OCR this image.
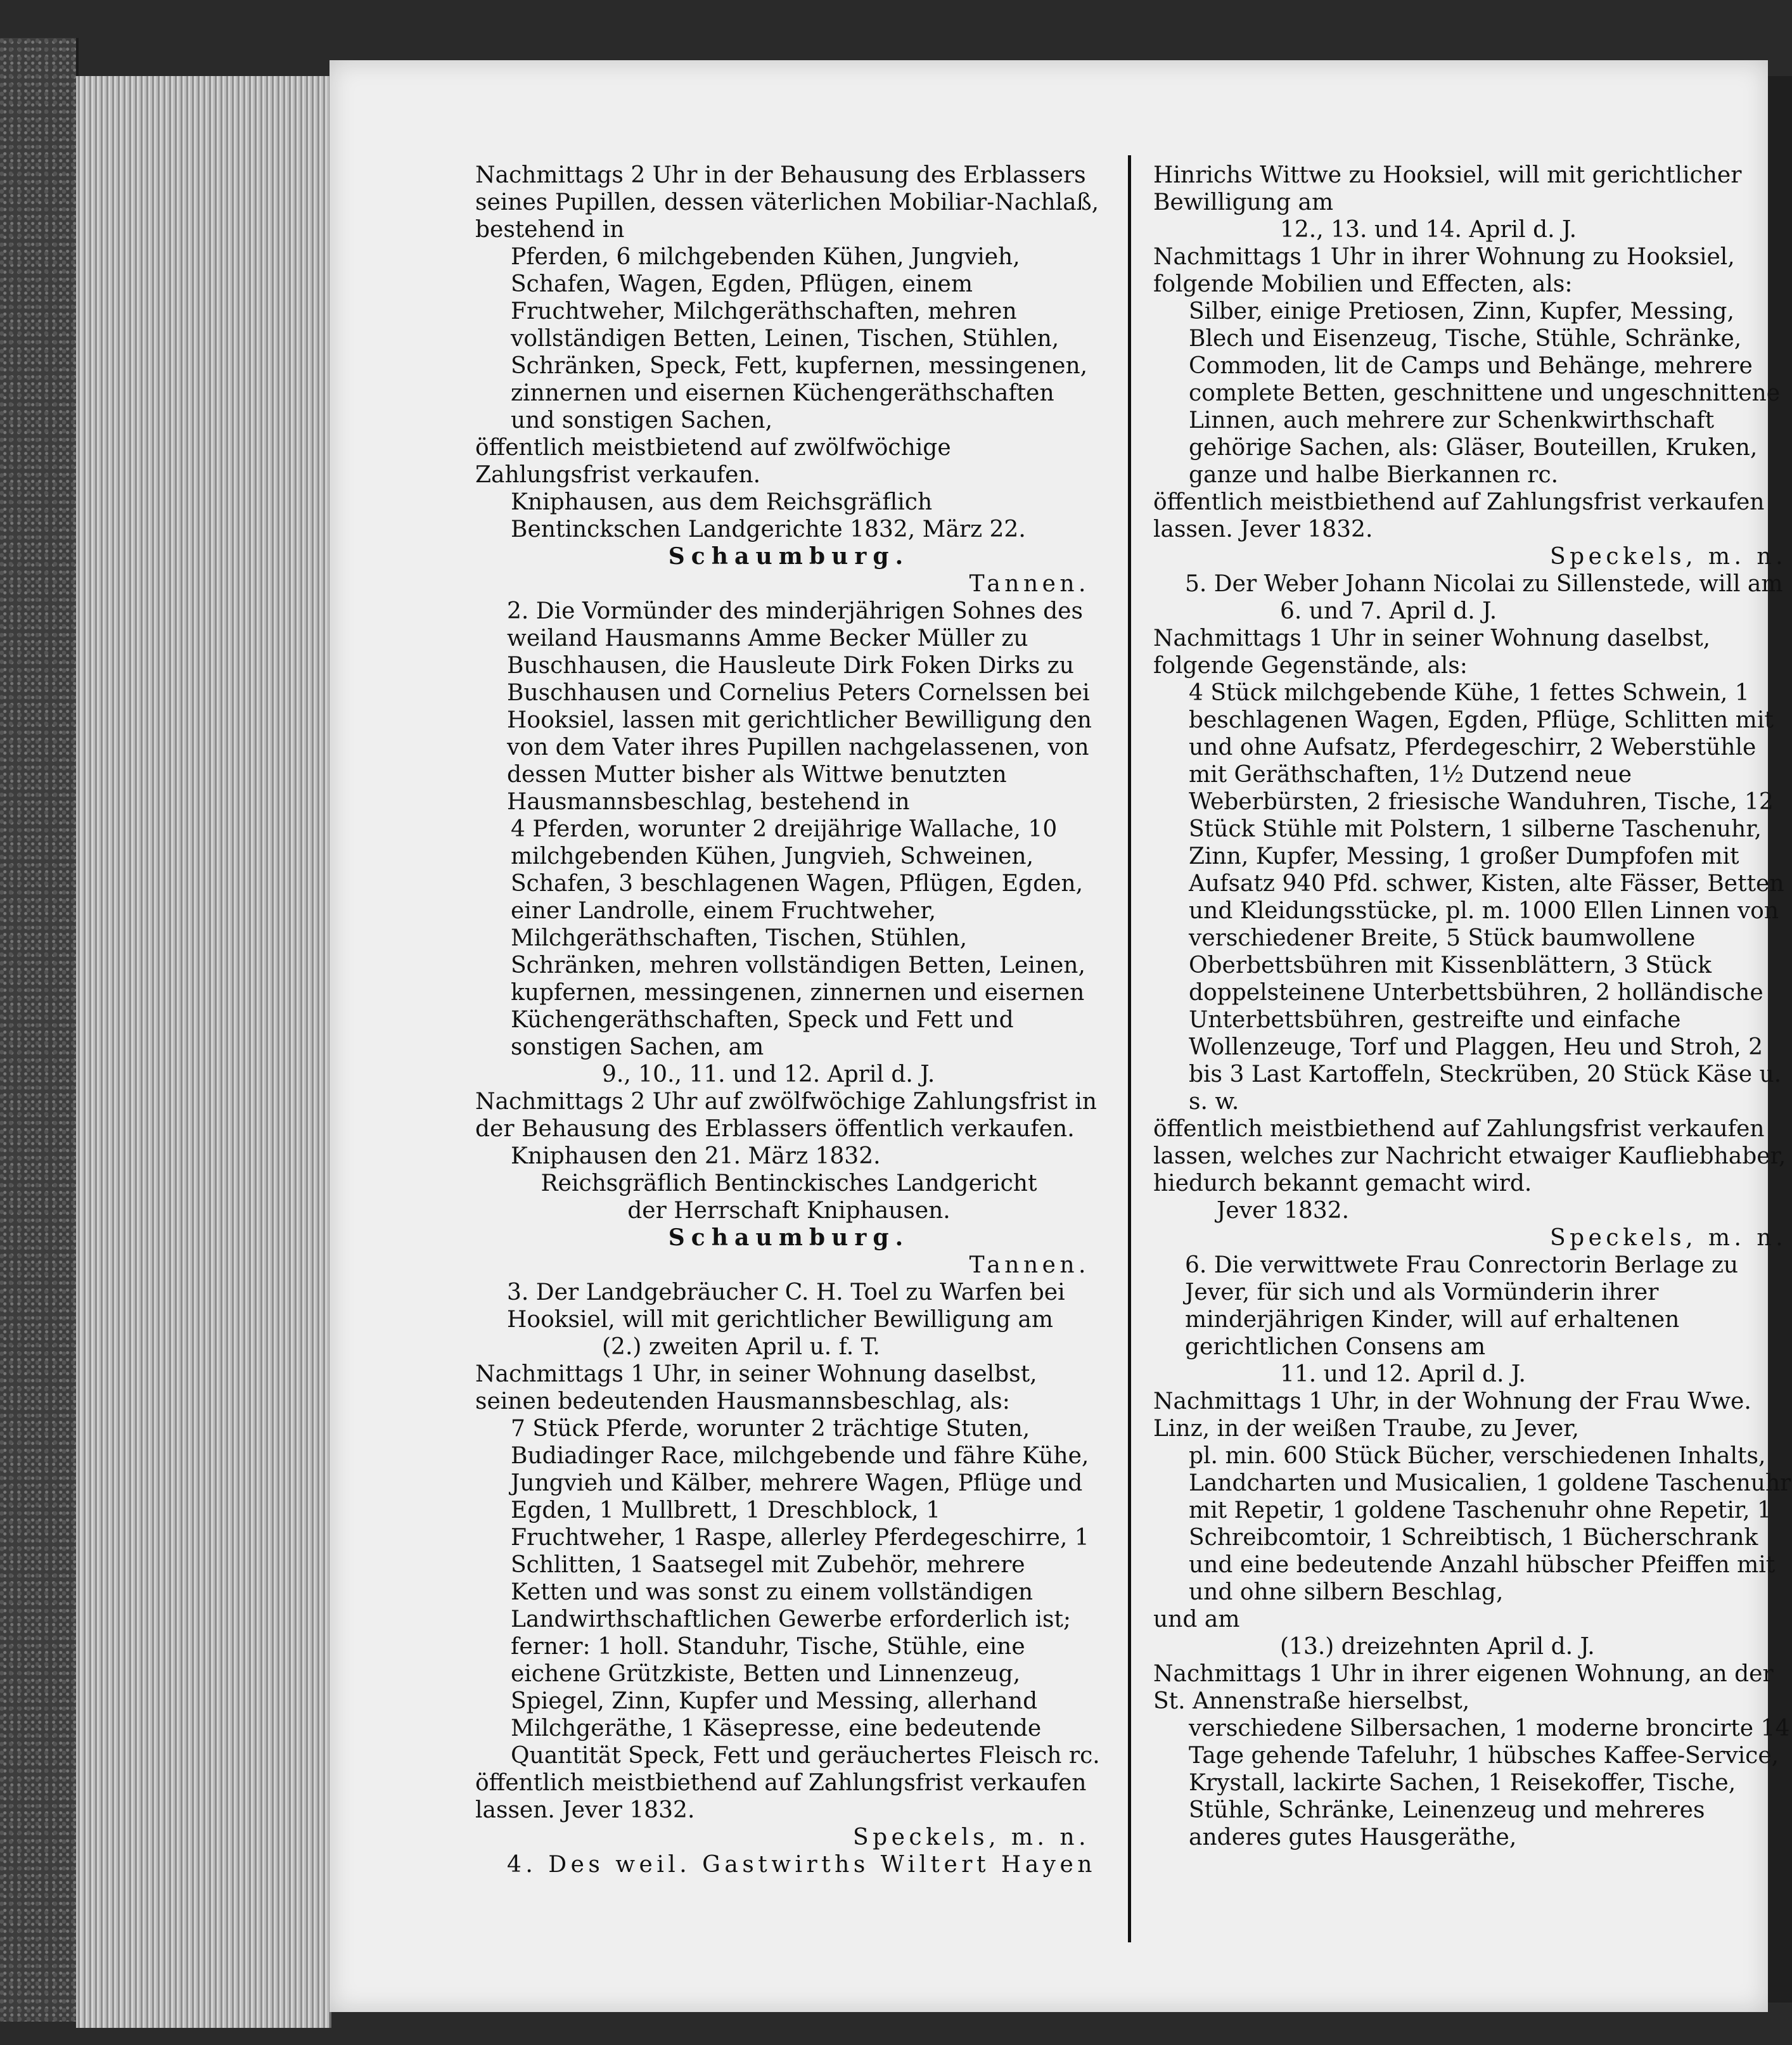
Nachmittags 2 Uhr in der Behausung des Erblassers seines Pupillen, dessen väterlichen Mobiliar-Nachlaß, bestehend in

Pferden, 6 milchgebenden Kühen, Jungvieh, Schafen, Wagen, Egden, Pflügen, einem Fruchtweher, Milchgeräthschaften, mehren vollständigen Betten, Leinen, Tischen, Stühlen, Schränken, Speck, Fett, kupfernen, messingenen, zinnernen und eisernen Küchengeräthschaften und sonstigen Sachen,

öffentlich meistbietend auf zwölfwöchige Zahlungsfrist verkaufen.

Kniphausen, aus dem Reichsgräflich Bentinckschen Landgerichte 1832, März 22.

Schaumburg.

Tannen.

2. Die Vormünder des minderjährigen Sohnes des weiland Hausmanns Amme Becker Müller zu Buschhausen, die Hausleute Dirk Foken Dirks zu Buschhausen und Cornelius Peters Cornelssen bei Hooksiel, lassen mit gerichtlicher Bewilligung den von dem Vater ihres Pupillen nachgelassenen, von dessen Mutter bisher als Wittwe benutzten Hausmannsbeschlag, bestehend in

4 Pferden, worunter 2 dreijährige Wallache, 10 milchgebenden Kühen, Jungvieh, Schweinen, Schafen, 3 beschlagenen Wagen, Pflügen, Egden, einer Landrolle, einem Fruchtweher, Milchgeräthschaften, Tischen, Stühlen, Schränken, mehren vollständigen Betten, Leinen, kupfernen, messingenen, zinnernen und eisernen Küchengeräthschaften, Speck und Fett und sonstigen Sachen, am

9., 10., 11. und 12. April d. J.

Nachmittags 2 Uhr auf zwölfwöchige Zahlungsfrist in der Behausung des Erblassers öffentlich verkaufen.

Kniphausen den 21. März 1832.

Reichsgräflich Bentinckisches Landgericht

der Herrschaft Kniphausen.

Schaumburg.

Tannen.

3. Der Landgebräucher C. H. Toel zu Warfen bei Hooksiel, will mit gerichtlicher Bewilligung am

(2.) zweiten April u. f. T.

Nachmittags 1 Uhr, in seiner Wohnung daselbst, seinen bedeutenden Hausmannsbeschlag, als:

7 Stück Pferde, worunter 2 trächtige Stuten, Budiadinger Race, milchgebende und fähre Kühe, Jungvieh und Kälber, mehrere Wagen, Pflüge und Egden, 1 Mullbrett, 1 Dreschblock, 1 Fruchtweher, 1 Raspe, allerley Pferdegeschirre, 1 Schlitten, 1 Saatsegel mit Zubehör, mehrere Ketten und was sonst zu einem vollständigen Landwirthschaftlichen Gewerbe erforderlich ist; ferner: 1 holl. Standuhr, Tische, Stühle, eine eichene Grützkiste, Betten und Linnenzeug, Spiegel, Zinn, Kupfer und Messing, allerhand Milchgeräthe, 1 Käsepresse, eine bedeutende Quantität Speck, Fett und geräuchertes Fleisch rc.

öffentlich meistbiethend auf Zahlungsfrist verkaufen lassen. Jever 1832.

Speckels, m. n.

4. Des weil. Gastwirths Wiltert Hayen

Hinrichs Wittwe zu Hooksiel, will mit gerichtlicher Bewilligung am

12., 13. und 14. April d. J.

Nachmittags 1 Uhr in ihrer Wohnung zu Hooksiel, folgende Mobilien und Effecten, als:

Silber, einige Pretiosen, Zinn, Kupfer, Messing, Blech und Eisenzeug, Tische, Stühle, Schränke, Commoden, lit de Camps und Behänge, mehrere complete Betten, geschnittene und ungeschnittene Linnen, auch mehrere zur Schenkwirthschaft gehörige Sachen, als: Gläser, Bouteillen, Kruken, ganze und halbe Bierkannen rc.

öffentlich meistbiethend auf Zahlungsfrist verkaufen lassen. Jever 1832.

Speckels, m. n.

5. Der Weber Johann Nicolai zu Sillenstede, will am

6. und 7. April d. J.

Nachmittags 1 Uhr in seiner Wohnung daselbst, folgende Gegenstände, als:

4 Stück milchgebende Kühe, 1 fettes Schwein, 1 beschlagenen Wagen, Egden, Pflüge, Schlitten mit und ohne Aufsatz, Pferdegeschirr, 2 Weberstühle mit Geräthschaften, 1½ Dutzend neue Weberbürsten, 2 friesische Wanduhren, Tische, 12 Stück Stühle mit Polstern, 1 silberne Taschenuhr, Zinn, Kupfer, Messing, 1 großer Dumpfofen mit Aufsatz 940 Pfd. schwer, Kisten, alte Fässer, Betten und Kleidungsstücke, pl. m. 1000 Ellen Linnen von verschiedener Breite, 5 Stück baumwollene Oberbettsbühren mit Kissenblättern, 3 Stück doppelsteinene Unterbettsbühren, 2 holländische Unterbettsbühren, gestreifte und einfache Wollenzeuge, Torf und Plaggen, Heu und Stroh, 2 bis 3 Last Kartoffeln, Steckrüben, 20 Stück Käse u. s. w.

öffentlich meistbiethend auf Zahlungsfrist verkaufen lassen, welches zur Nachricht etwaiger Kaufliebhaber, hiedurch bekannt gemacht wird.

Jever 1832.

Speckels, m. n.

6. Die verwittwete Frau Conrectorin Berlage zu Jever, für sich und als Vormünderin ihrer minderjährigen Kinder, will auf erhaltenen gerichtlichen Consens am

11. und 12. April d. J.

Nachmittags 1 Uhr, in der Wohnung der Frau Wwe. Linz, in der weißen Traube, zu Jever,

pl. min. 600 Stück Bücher, verschiedenen Inhalts, Landcharten und Musicalien, 1 goldene Taschenuhr mit Repetir, 1 goldene Taschenuhr ohne Repetir, 1 Schreibcomtoir, 1 Schreibtisch, 1 Bücherschrank und eine bedeutende Anzahl hübscher Pfeiffen mit und ohne silbern Beschlag,

und am

(13.) dreizehnten April d. J.

Nachmittags 1 Uhr in ihrer eigenen Wohnung, an der St. Annenstraße hierselbst,

verschiedene Silbersachen, 1 moderne broncirte 14 Tage gehende Tafeluhr, 1 hübsches Kaffee-Service, Krystall, lackirte Sachen, 1 Reisekoffer, Tische, Stühle, Schränke, Leinenzeug und mehreres anderes gutes Hausgeräthe,
